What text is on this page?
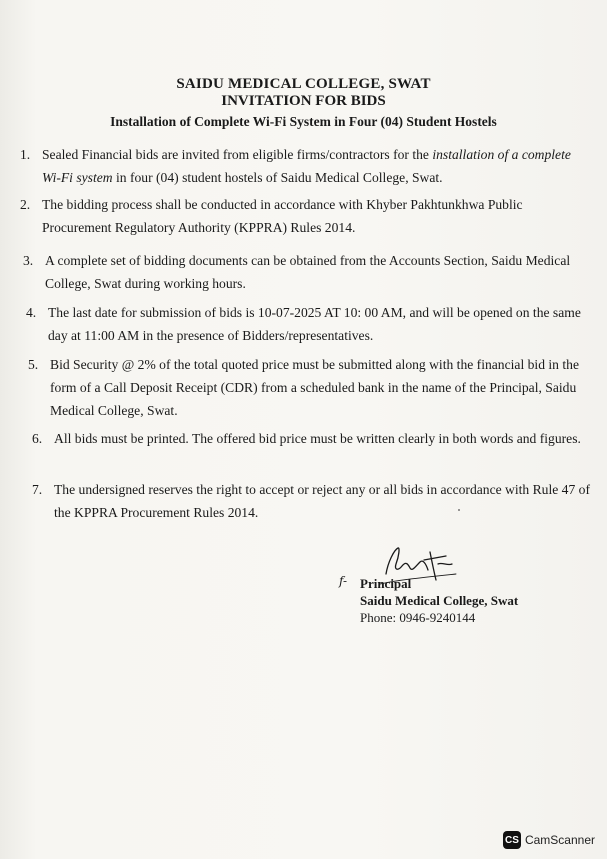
SAIDU MEDICAL COLLEGE, SWAT
INVITATION FOR BIDS
Installation of Complete Wi-Fi System in Four (04) Student Hostels
1. Sealed Financial bids are invited from eligible firms/contractors for the installation of a complete Wi-Fi system in four (04) student hostels of Saidu Medical College, Swat.

2. The bidding process shall be conducted in accordance with Khyber Pakhtunkhwa Public Procurement Regulatory Authority (KPPRA) Rules 2014.

3. A complete set of bidding documents can be obtained from the Accounts Section, Saidu Medical College, Swat during working hours.

4. The last date for submission of bids is 10-07-2025 AT 10: 00 AM, and will be opened on the same day at 11:00 AM in the presence of Bidders/representatives.

5. Bid Security @ 2% of the total quoted price must be submitted along with the financial bid in the form of a Call Deposit Receipt (CDR) from a scheduled bank in the name of the Principal, Saidu Medical College, Swat.

6. All bids must be printed. The offered bid price must be written clearly in both words and figures.

7. The undersigned reserves the right to accept or reject any or all bids in accordance with Rule 47 of the KPPRA Procurement Rules 2014.

f- Principal
Saidu Medical College, Swat
Phone: 0946-9240144
CS CamScanner
